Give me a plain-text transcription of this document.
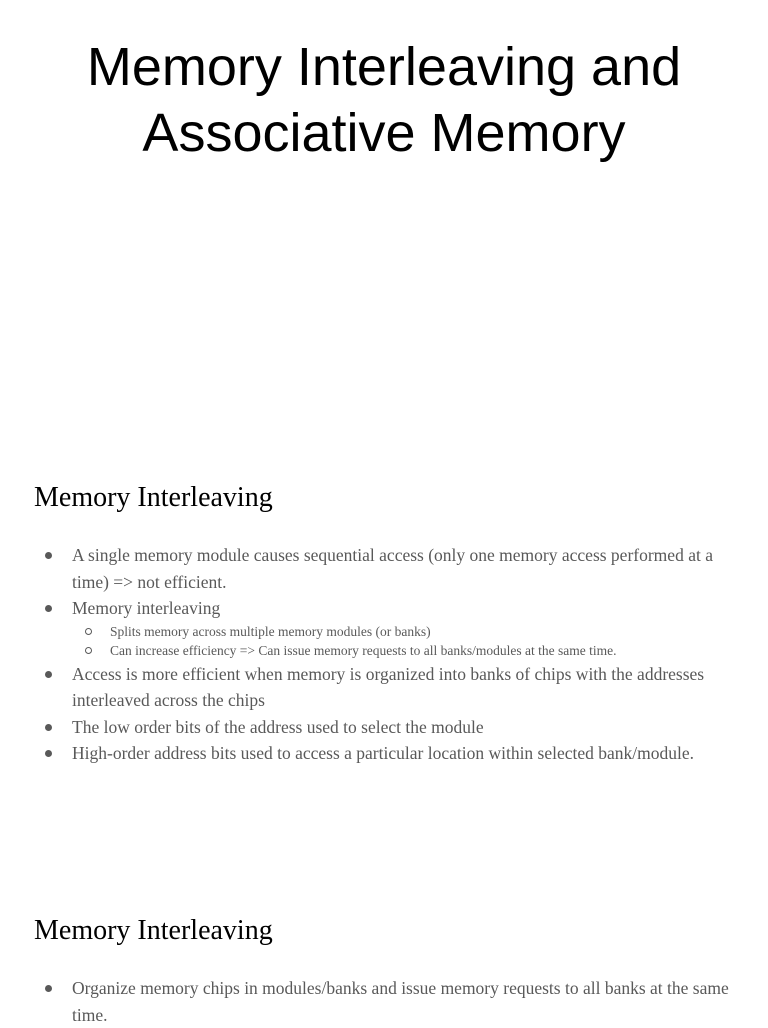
Memory Interleaving and
Associative Memory
Memory Interleaving
A single memory module causes sequential access (only one memory access performed at a time) => not efficient.
Memory interleaving
Splits memory across multiple memory modules (or banks)
Can increase efficiency => Can issue memory requests to all banks/modules at the same time.
Access is more efficient when memory is organized into banks of chips with the addresses interleaved across the chips
The low order bits of the address used to select the module
High-order address bits used to access a particular location within selected bank/module.
Memory Interleaving
Organize memory chips in modules/banks and issue memory requests to all banks at the same time.
